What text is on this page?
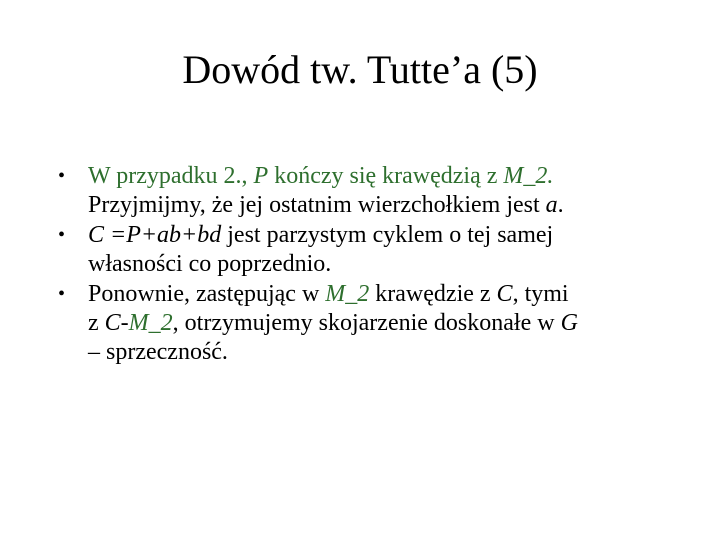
Dowód tw. Tutte’a (5)
• W przypadku 2., P kończy się krawędzią z M_2.
Przyjmijmy, że jej ostatnim wierzchołkiem jest a.
• C =P+ab+bd jest parzystym cyklem o tej samej
własności co poprzednio.
• Ponownie, zastępując w M_2 krawędzie z C, tymi
z C-M_2, otrzymujemy skojarzenie doskonałe w G
– sprzeczność.
